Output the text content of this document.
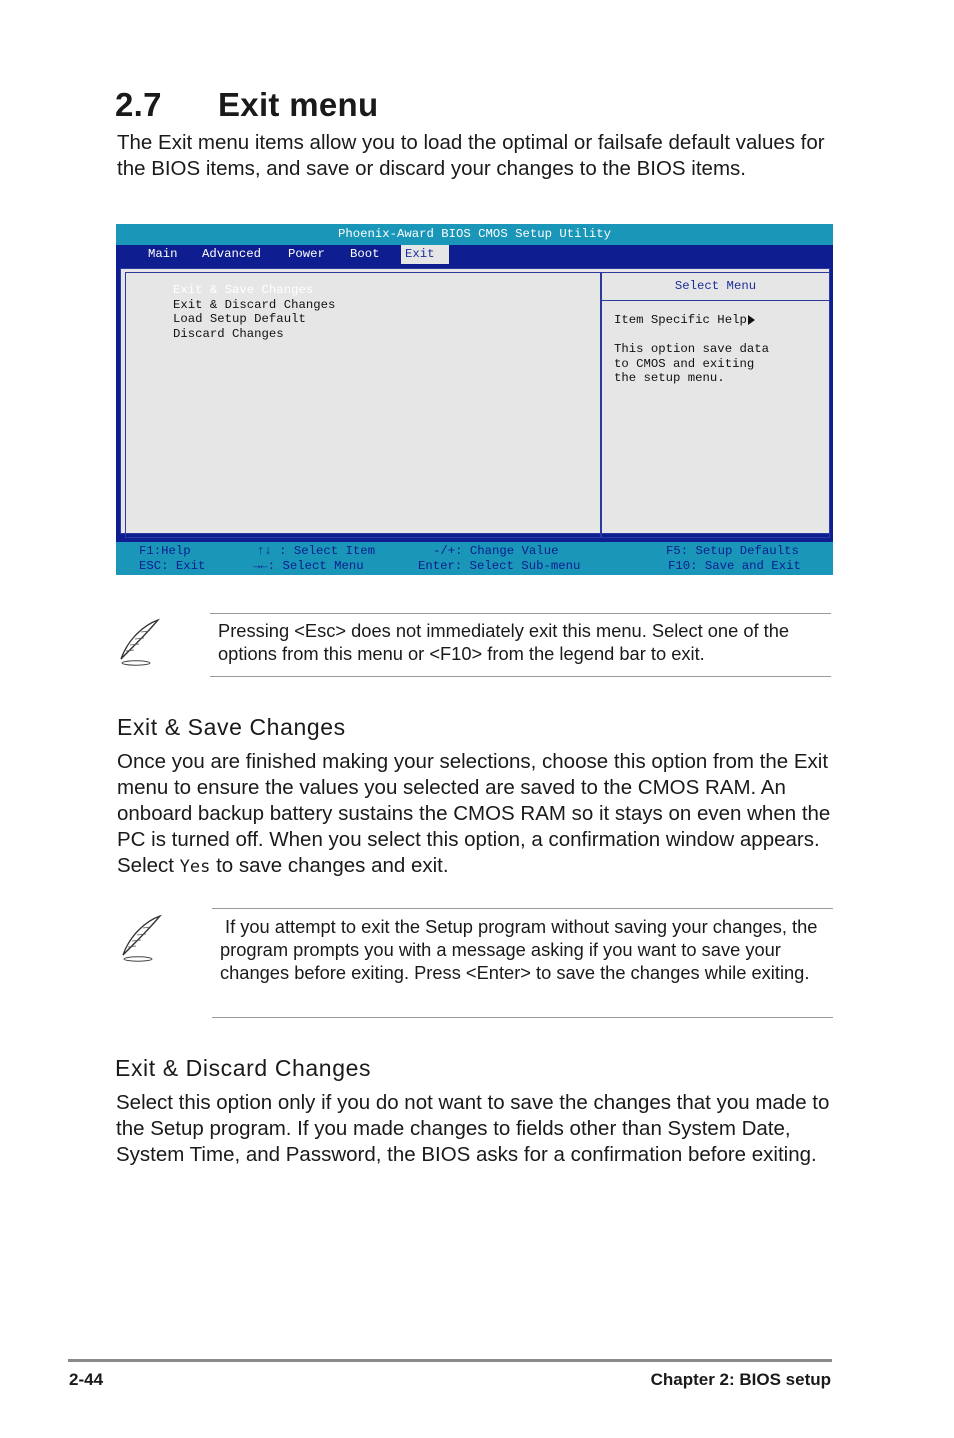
2.7 Exit menu

The Exit menu items allow you to load the optimal or failsafe default values for the BIOS items, and save or discard your changes to the BIOS items.

Phoenix-Award BIOS CMOS Setup Utility
Main Advanced Power Boot	Exit
Exit & Save Changes
Exit & Discard Changes
Load Setup Default
Discard Changes
Select Menu
Item Specific Help

This option save data
to CMOS and exiting
the setup menu.
F1:Help	↑↓ : Select Item	-/+: Change Value	F5: Setup Defaults
ESC: Exit	→←: Select Menu	Enter: Select Sub-menu	F10: Save and Exit
Pressing <Esc> does not immediately exit this menu. Select one of the options from this menu or <F10> from the legend bar to exit.
Exit & Save Changes

Once you are finished making your selections, choose this option from the Exit menu to ensure the values you selected are saved to the CMOS RAM. An onboard backup battery sustains the CMOS RAM so it stays on even when the PC is turned off. When you select this option, a confirmation window appears. Select Yes to save changes and exit.

If you attempt to exit the Setup program without saving your changes, the program prompts you with a message asking if you want to save your changes before exiting. Press <Enter> to save the changes while exiting.
Exit & Discard Changes

Select this option only if you do not want to save the changes that you made to the Setup program. If you made changes to fields other than System Date, System Time, and Password, the BIOS asks for a confirmation before exiting.

2-44	Chapter 2: BIOS setup
